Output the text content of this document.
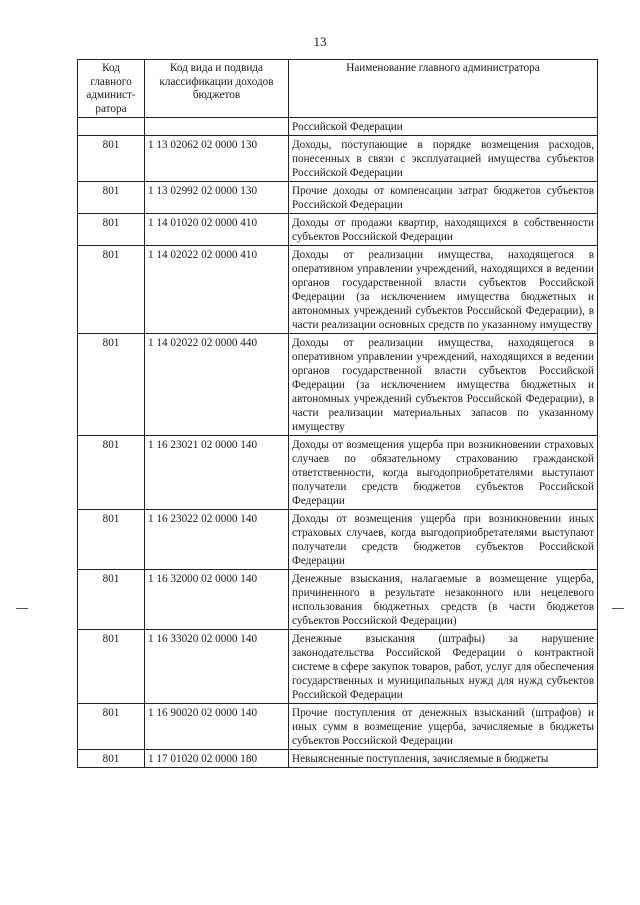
13
Код главного админист- ратора	Код вида и подвида классификации доходов бюджетов	Наименование главного администратора
		Российской Федерации
801	1 13 02062 02 0000 130	Доходы, поступающие в порядке возмещения расходов, понесенных в связи с эксплуатацией имущества субъектов Российской Федерации
801	1 13 02992 02 0000 130	Прочие доходы от компенсации затрат бюджетов субъектов Российской Федерации
801	1 14 01020 02 0000 410	Доходы от продажи квартир, находящихся в собственности субъектов Российской Федерации
801	1 14 02022 02 0000 410	Доходы от реализации имущества, находящегося в оперативном управлении учреждений, находящихся в ведении органов государственной власти субъектов Российской Федерации (за исключением имущества бюджетных и автономных учреждений субъектов Российской Федерации), в части реализации основных средств по указанному имуществу
801	1 14 02022 02 0000 440	Доходы от реализации имущества, находящегося в оперативном управлении учреждений, находящихся в ведении органов государственной власти субъектов Российской Федерации (за исключением имущества бюджетных и автономных учреждений субъектов Российской Федерации), в части реализации материальных запасов по указанному имуществу
801	1 16 23021 02 0000 140	Доходы от возмещения ущерба при возникновении страховых случаев по обязательному страхованию гражданской ответственности, когда выгодоприобретателями выступают получатели средств бюджетов субъектов Российской Федерации
801	1 16 23022 02 0000 140	Доходы от возмещения ущерба при возникновении иных страховых случаев, когда выгодоприобретателями выступают получатели средств бюджетов субъектов Российской Федерации
801	1 16 32000 02 0000 140	Денежные взыскания, налагаемые в возмещение ущерба, причиненного в результате незаконного или нецелевого использования бюджетных средств (в части бюджетов субъектов Российской Федерации)
801	1 16 33020 02 0000 140	Денежные взыскания (штрафы) за нарушение законодательства Российской Федерации о контрактной системе в сфере закупок товаров, работ, услуг для обеспечения государственных и муниципальных нужд для нужд субъектов Российской Федерации
801	1 16 90020 02 0000 140	Прочие поступления от денежных взысканий (штрафов) и иных сумм в возмещение ущерба, зачисляемые в бюджеты субъектов Российской Федерации
801	1 17 01020 02 0000 180	Невыясненные поступления, зачисляемые в бюджеты
